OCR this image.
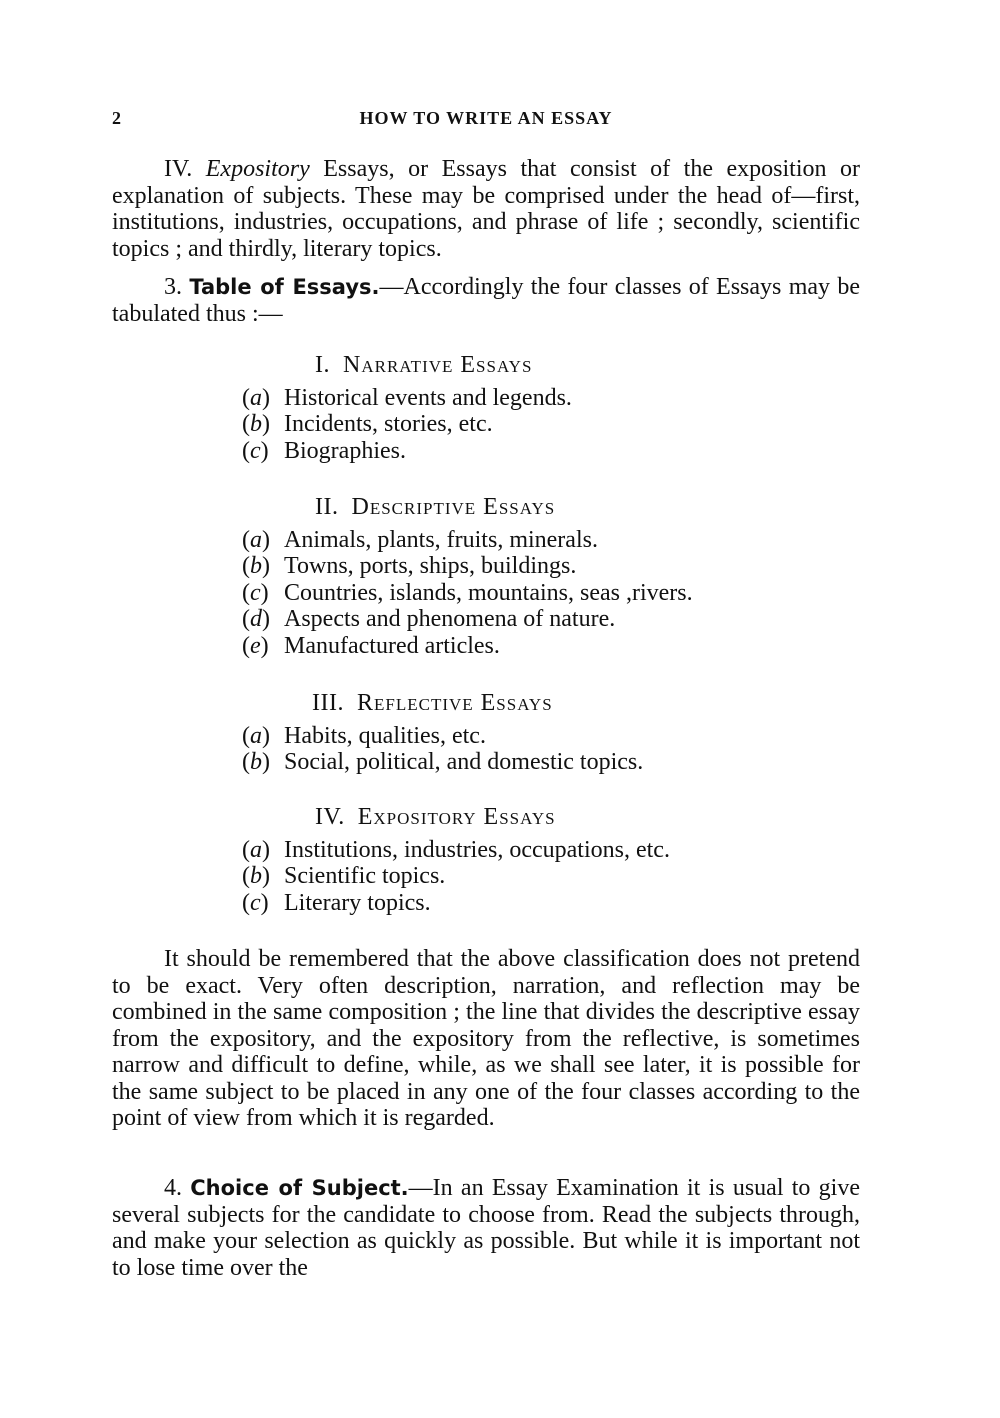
2	HOW TO WRITE AN ESSAY

IV. Expository Essays, or Essays that consist of the exposition or explanation of subjects. These may be comprised under the head of—first, institutions, industries, occupations, and phrase of life ; secondly, scientific topics ; and thirdly, literary topics.

3. Table of Essays.—Accordingly the four classes of Essays may be tabulated thus :—

I. Narrative Essays

(a) Historical events and legends.

(b) Incidents, stories, etc.

(c) Biographies.

II. Descriptive Essays

(a) Animals, plants, fruits, minerals.

(b) Towns, ports, ships, buildings.

(c) Countries, islands, mountains, seas ,rivers.

(d) Aspects and phenomena of nature.

(e) Manufactured articles.

III. Reflective Essays

(a) Habits, qualities, etc.

(b) Social, political, and domestic topics.

IV. Expository Essays

(a) Institutions, industries, occupations, etc.

(b) Scientific topics.

(c) Literary topics.

It should be remembered that the above classification does not pretend to be exact. Very often description, narration, and reflection may be combined in the same composition ; the line that divides the descriptive essay from the expository, and the expository from the reflective, is sometimes narrow and difficult to define, while, as we shall see later, it is possible for the same subject to be placed in any one of the four classes according to the point of view from which it is regarded.

4. Choice of Subject.—In an Essay Examination it is usual to give several subjects for the candidate to choose from. Read the subjects through, and make your selection as quickly as possible. But while it is important not to lose time over the
